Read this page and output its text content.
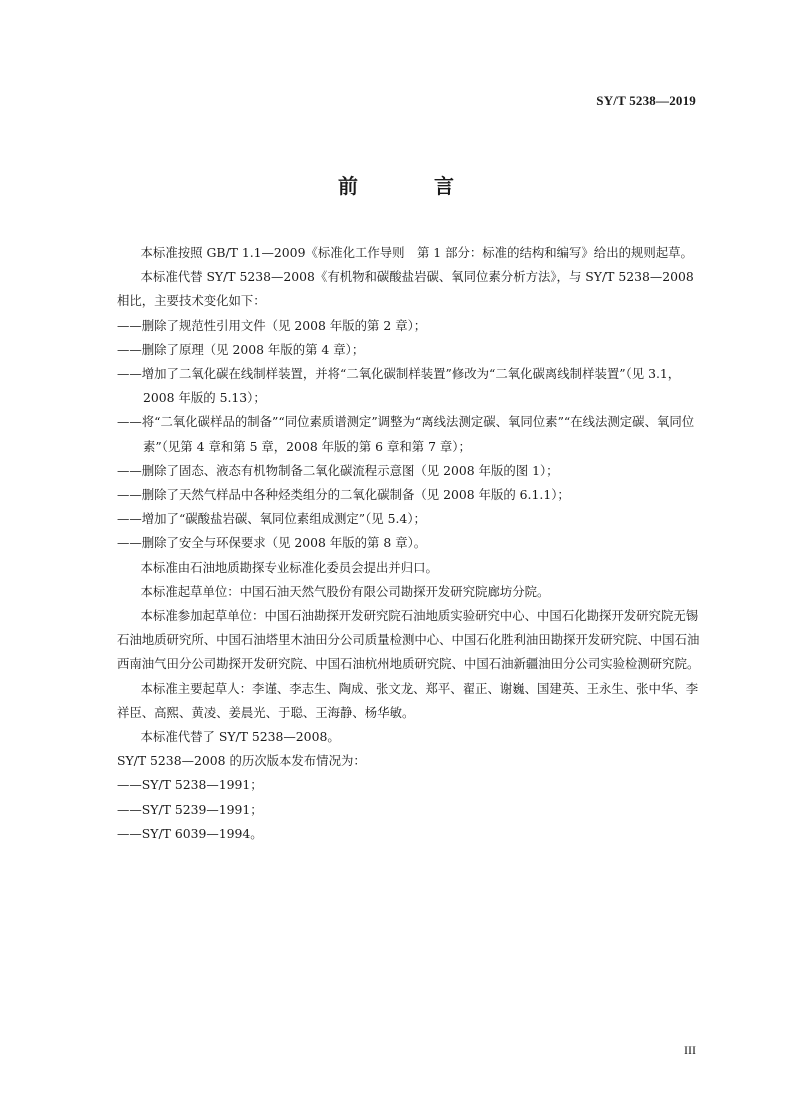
SY/T 5238—2019
前　言

本标准按照 GB/T 1.1—2009《标准化工作导则　第 1 部分：标准的结构和编写》给出的规则起草。

本标准代替 SY/T 5238—2008《有机物和碳酸盐岩碳、氧同位素分析方法》，与 SY/T 5238—2008 相比，主要技术变化如下：

——删除了规范性引用文件（见 2008 年版的第 2 章）；

——删除了原理（见 2008 年版的第 4 章）；

——增加了二氧化碳在线制样装置，并将“二氧化碳制样装置”修改为“二氧化碳离线制样装置”（见 3.1，2008 年版的 5.13）；

——将“二氧化碳样品的制备”“同位素质谱测定”调整为“离线法测定碳、氧同位素”“在线法测定碳、氧同位素”（见第 4 章和第 5 章，2008 年版的第 6 章和第 7 章）；

——删除了固态、液态有机物制备二氧化碳流程示意图（见 2008 年版的图 1）；

——删除了天然气样品中各种烃类组分的二氧化碳制备（见 2008 年版的 6.1.1）；

——增加了“碳酸盐岩碳、氧同位素组成测定”（见 5.4）；

——删除了安全与环保要求（见 2008 年版的第 8 章）。

本标准由石油地质勘探专业标准化委员会提出并归口。

本标准起草单位：中国石油天然气股份有限公司勘探开发研究院廊坊分院。

本标准参加起草单位：中国石油勘探开发研究院石油地质实验研究中心、中国石化勘探开发研究院无锡石油地质研究所、中国石油塔里木油田分公司质量检测中心、中国石化胜利油田勘探开发研究院、中国石油西南油气田分公司勘探开发研究院、中国石油杭州地质研究院、中国石油新疆油田分公司实验检测研究院。

本标准主要起草人：李谨、李志生、陶成、张文龙、郑平、翟正、谢巍、国建英、王永生、张中华、李祥臣、高熙、黄凌、姜晨光、于聪、王海静、杨华敏。

本标准代替了 SY/T 5238—2008。

SY/T 5238—2008 的历次版本发布情况为：

——SY/T 5238—1991；

——SY/T 5239—1991；

——SY/T 6039—1994。

III
